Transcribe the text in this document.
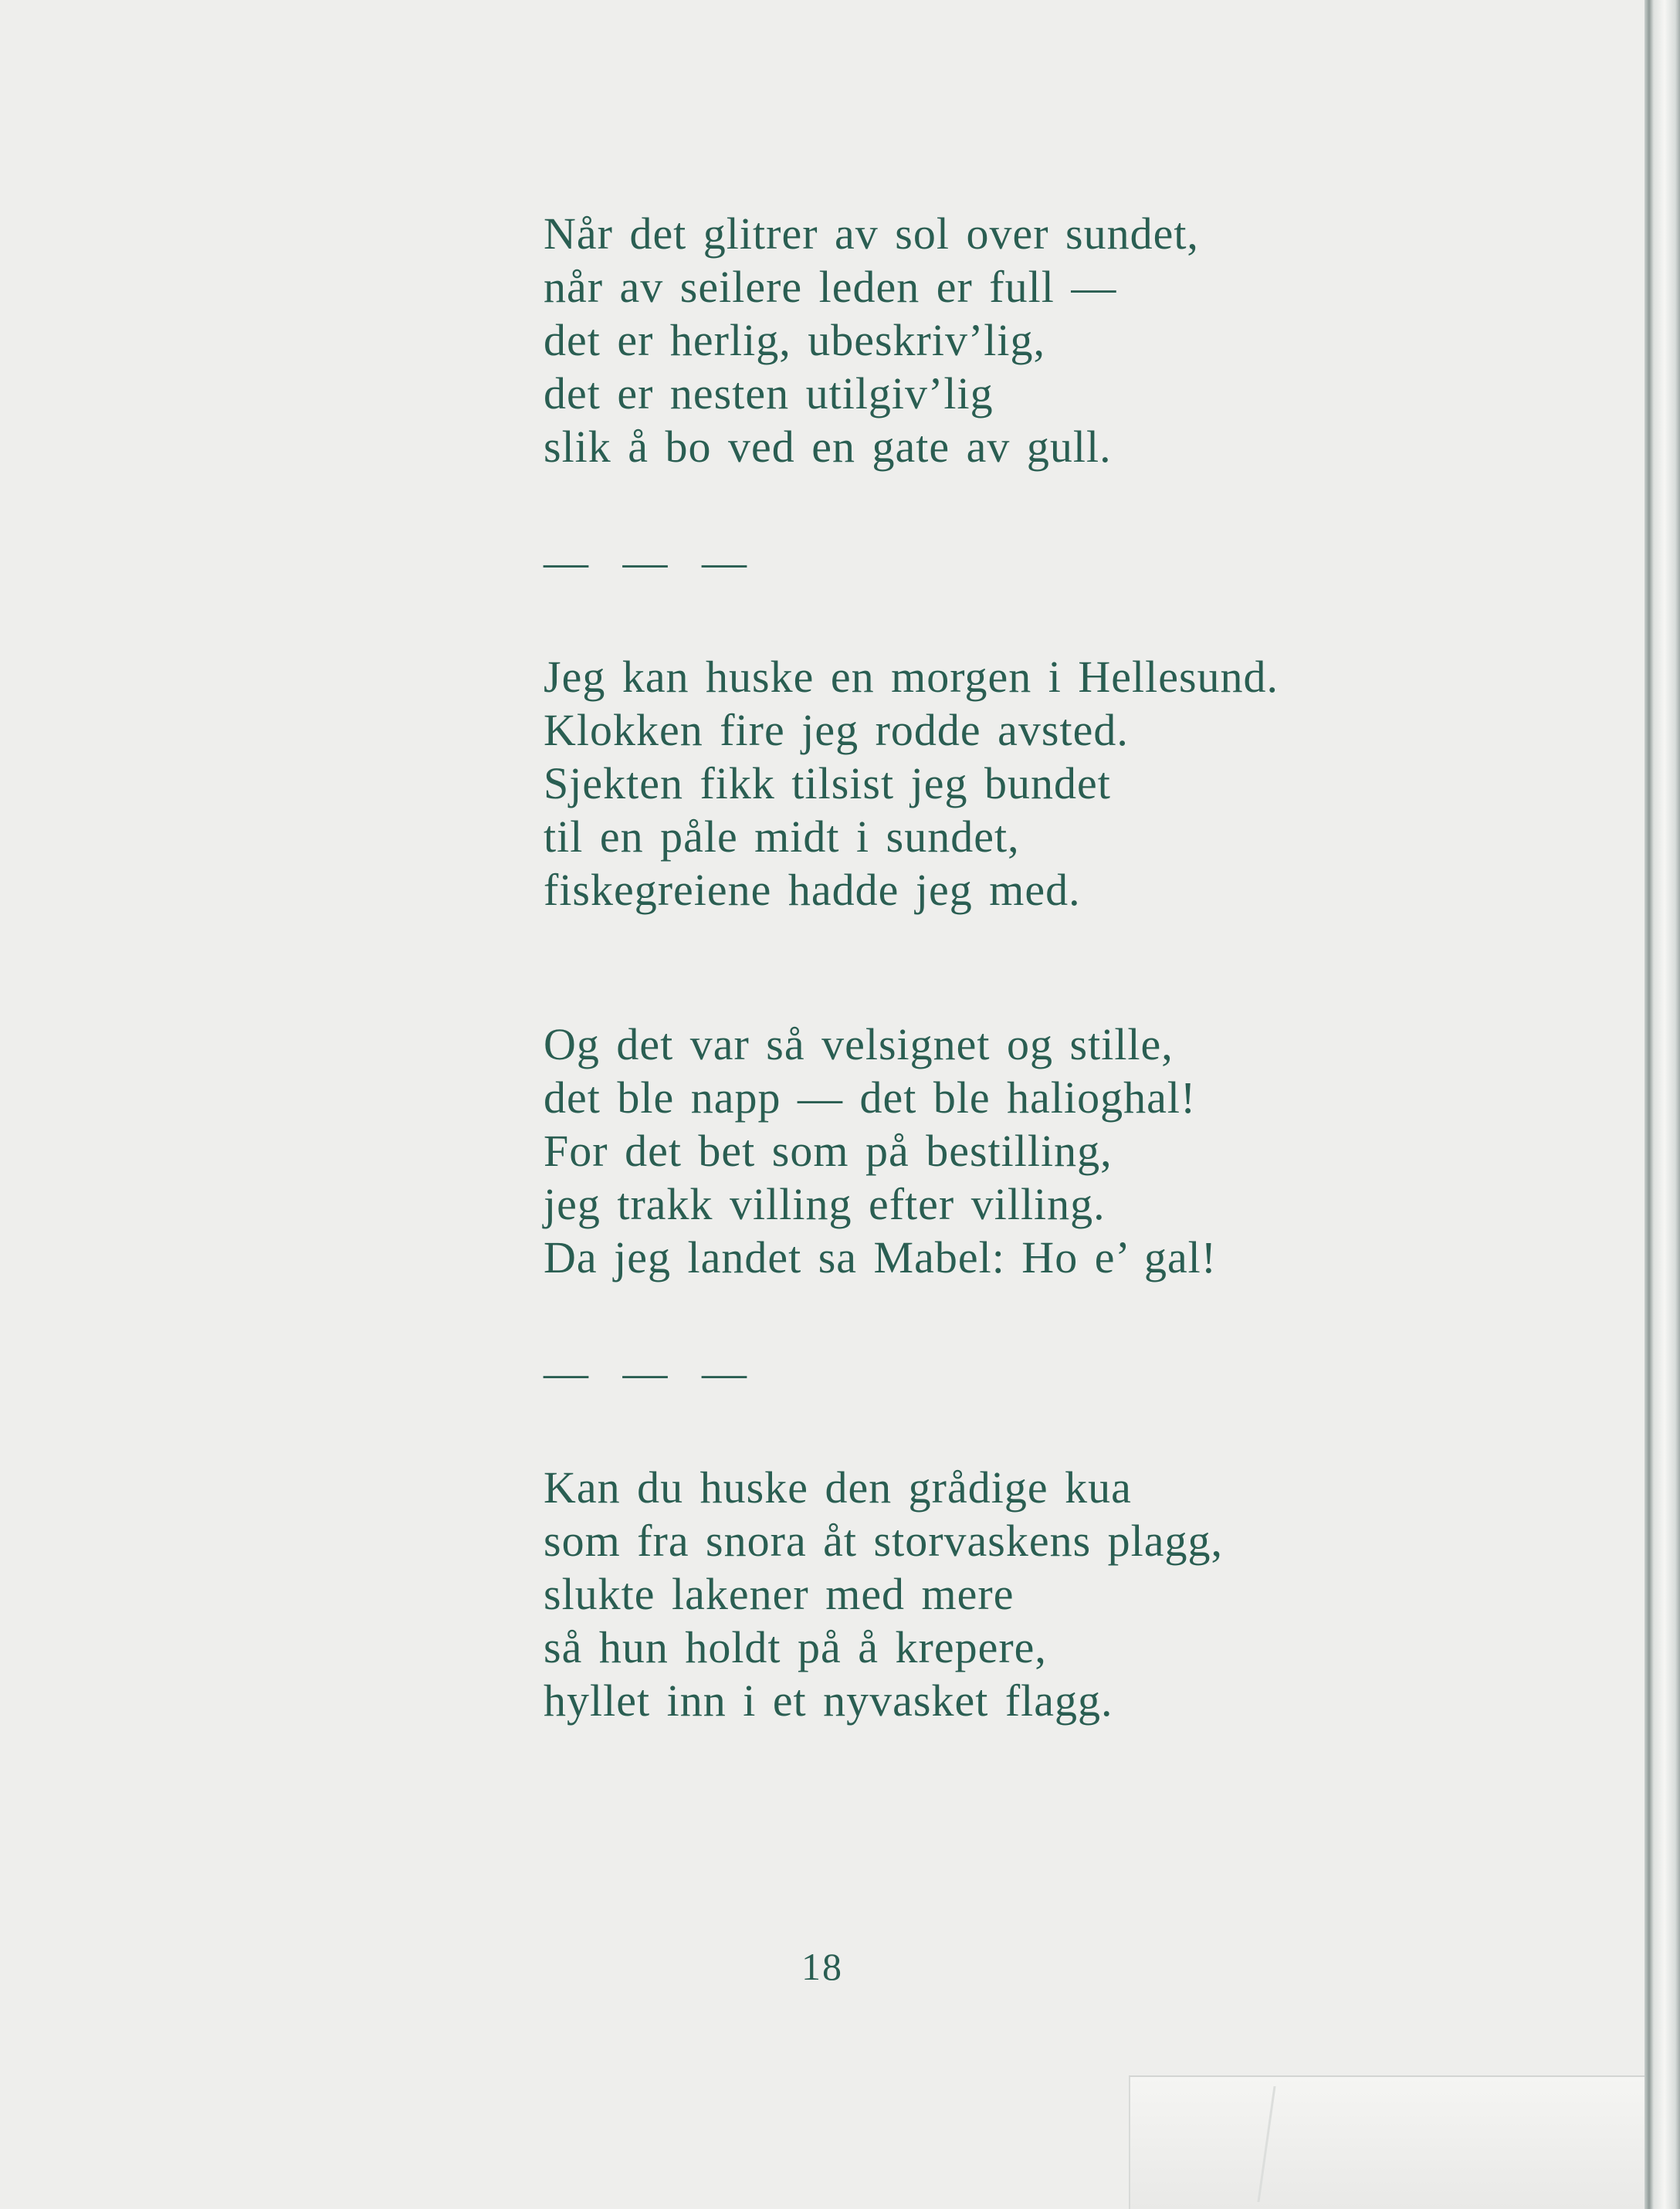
Når det glitrer av sol over sundet,
når av seilere leden er full —
det er herlig, ubeskriv’lig,
det er nesten utilgiv’lig
slik å bo ved en gate av gull.
— — —
Jeg kan huske en morgen i Hellesund.
Klokken fire jeg rodde avsted.
Sjekten fikk tilsist jeg bundet
til en påle midt i sundet,
fiskegreiene hadde jeg med.
Og det var så velsignet og stille,
det ble napp — det ble halioghal!
For det bet som på bestilling,
jeg trakk villing efter villing.
Da jeg landet sa Mabel: Ho e’ gal!
— — —
Kan du huske den grådige kua
som fra snora åt storvaskens plagg,
slukte lakener med mere
så hun holdt på å krepere,
hyllet inn i et nyvasket flagg.
18
